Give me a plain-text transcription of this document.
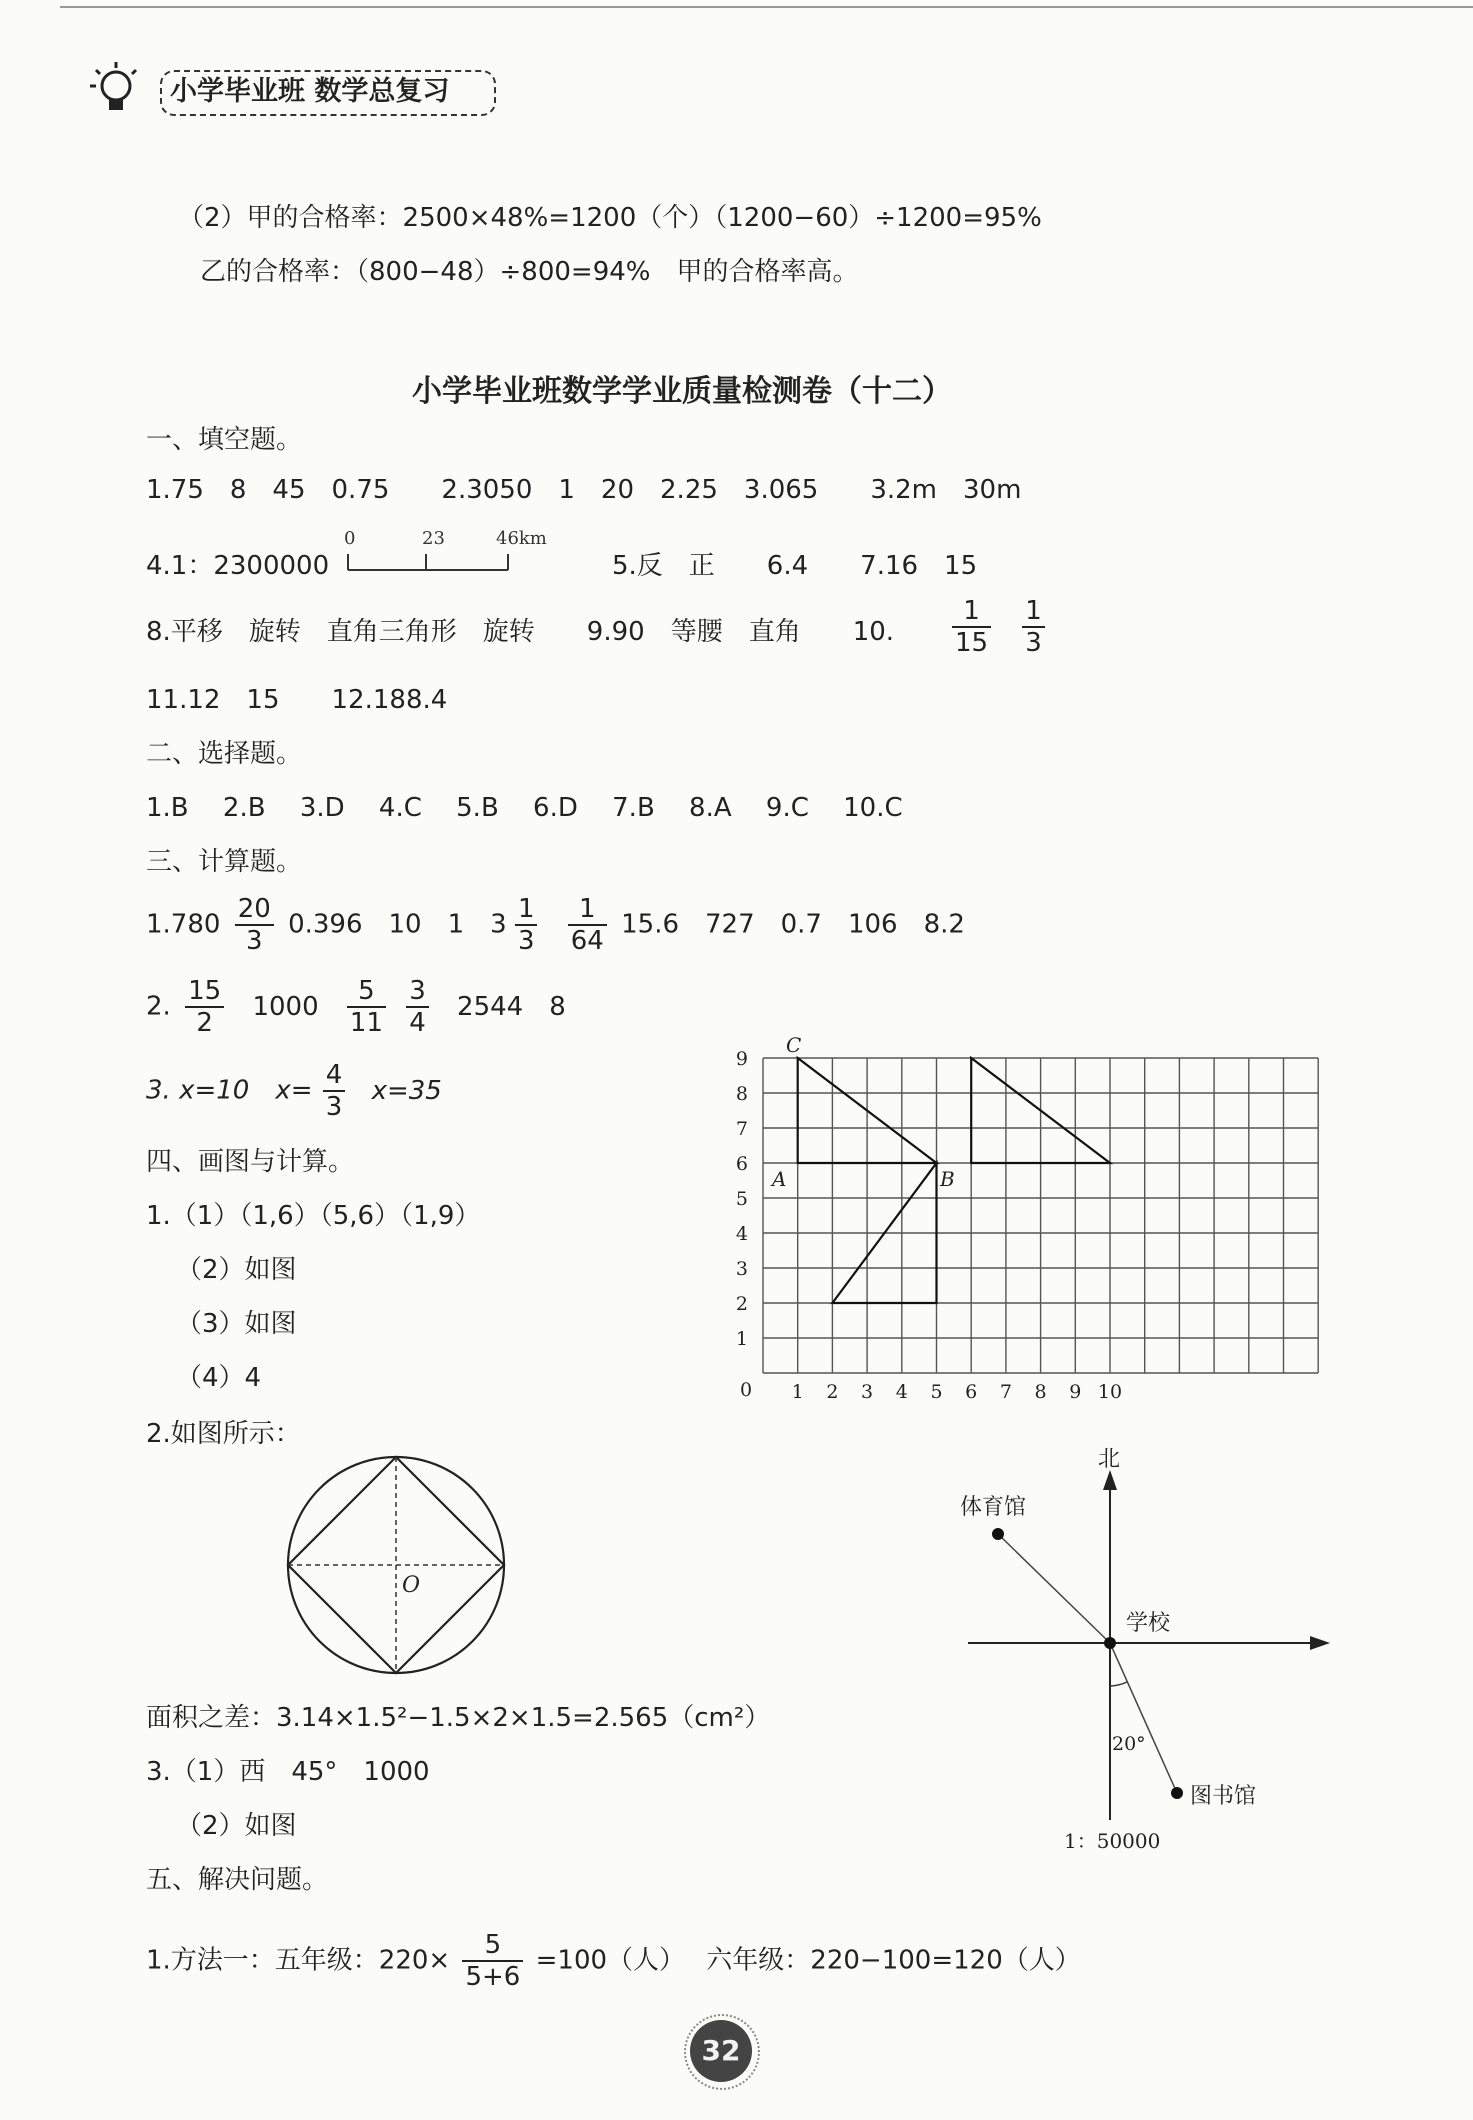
小学毕业班 数学总复习
（2）甲的合格率：2500×48%=1200（个）（1200−60）÷1200=95%
乙的合格率：（800−48）÷800=94%　甲的合格率高。
小学毕业班数学学业质量检测卷（十二）
一、填空题。
1.75　8　45　0.75　　2.3050　1　20　2.25　3.065　　3.2m　30m
4.1：2300000
0	23	46km
5.反　正　　6.4　　7.16　15
8.平移　旋转　直角三角形　旋转　　9.90　等腰　直角　　10. $\frac{1}{15}$
$\frac{1}{3}$
11.12　15　　12.188.4
二、选择题。
1.B　 2.B　 3.D　 4.C　 5.B　 6.D　 7.B　 8.A　 9.C　 10.C
三、计算题。
$1.780 \frac{20}{3} 0.396$　10　1　$3 \frac{1}{3}$
$\frac{1}{64} 15.6$　727　0.7　106　8.2
2. $\frac{15}{2} 1000 \frac{5}{11}$
$\frac{3}{4} 2544$　8
3. x=10　$x= \frac{4}{3} x=35$
四、画图与计算。
1.（1）（1,6）（5,6）（1,9）
（2）如图
（3）如图
（4）4
2.如图所示：
C
A	B
0 1 2 3 4 5 6 7 8 9 10
1
2
3
4
5
6
7
8
9
O
面积之差：3.14×1.5²−1.5×2×1.5=2.565（cm²）
3.（1）西　45°　1000
（2）如图
北
体育馆
学校
图书馆
20°
1：50000
五、解决问题。
1.方法一：五年级：$220\times \frac{5}{5+6} =100$（人）　 六年级：220−100=120（人）
32
